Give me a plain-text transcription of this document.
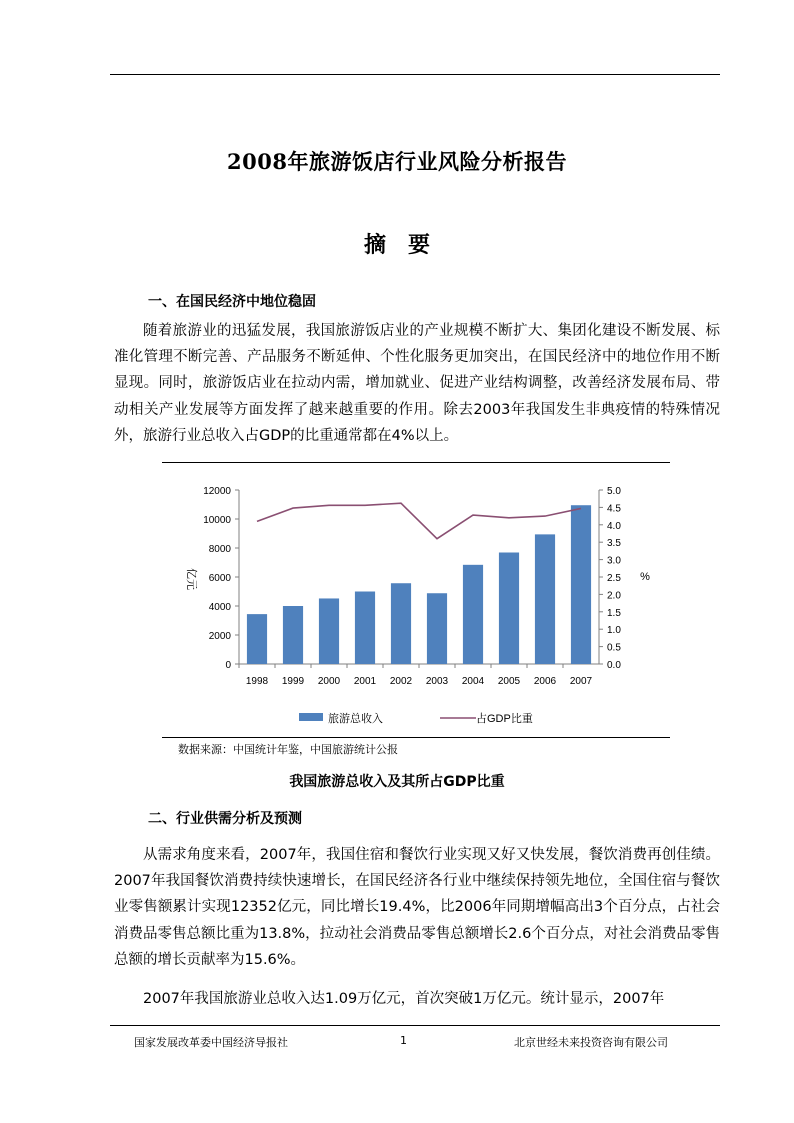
2008年旅游饭店行业风险分析报告
摘要
一、在国民经济中地位稳固

随着旅游业的迅猛发展，我国旅游饭店业的产业规模不断扩大、集团化建设不断发展、标准化管理不断完善、产品服务不断延伸、个性化服务更加突出，在国民经济中的地位作用不断显现。同时，旅游饭店业在拉动内需，增加就业、促进产业结构调整，改善经济发展布局、带动相关产业发展等方面发挥了越来越重要的作用。除去2003年我国发生非典疫情的特殊情况外，旅游行业总收入占GDP的比重通常都在4%以上。

0
2000
4000
6000
8000
10000
12000
0.0
0.5
1.0
1.5
2.0
2.5
3.0
3.5
4.0
4.5
5.0
1998 1999 2000 2001 2002 2003 2004 2005 2006 2007
亿元	%
旅游总收入	占GDP比重
数据来源：中国统计年鉴，中国旅游统计公报
我国旅游总收入及其所占GDP比重
二、行业供需分析及预测

从需求角度来看，2007年，我国住宿和餐饮行业实现又好又快发展，餐饮消费再创佳绩。2007年我国餐饮消费持续快速增长，在国民经济各行业中继续保持领先地位，全国住宿与餐饮业零售额累计实现12352亿元，同比增长19.4%，比2006年同期增幅高出3个百分点，占社会消费品零售总额比重为13.8%，拉动社会消费品零售总额增长2.6个百分点，对社会消费品零售总额的增长贡献率为15.6%。

2007年我国旅游业总收入达1.09万亿元，首次突破1万亿元。统计显示，2007年

国家发展改革委中国经济导报社	1	北京世经未来投资咨询有限公司
